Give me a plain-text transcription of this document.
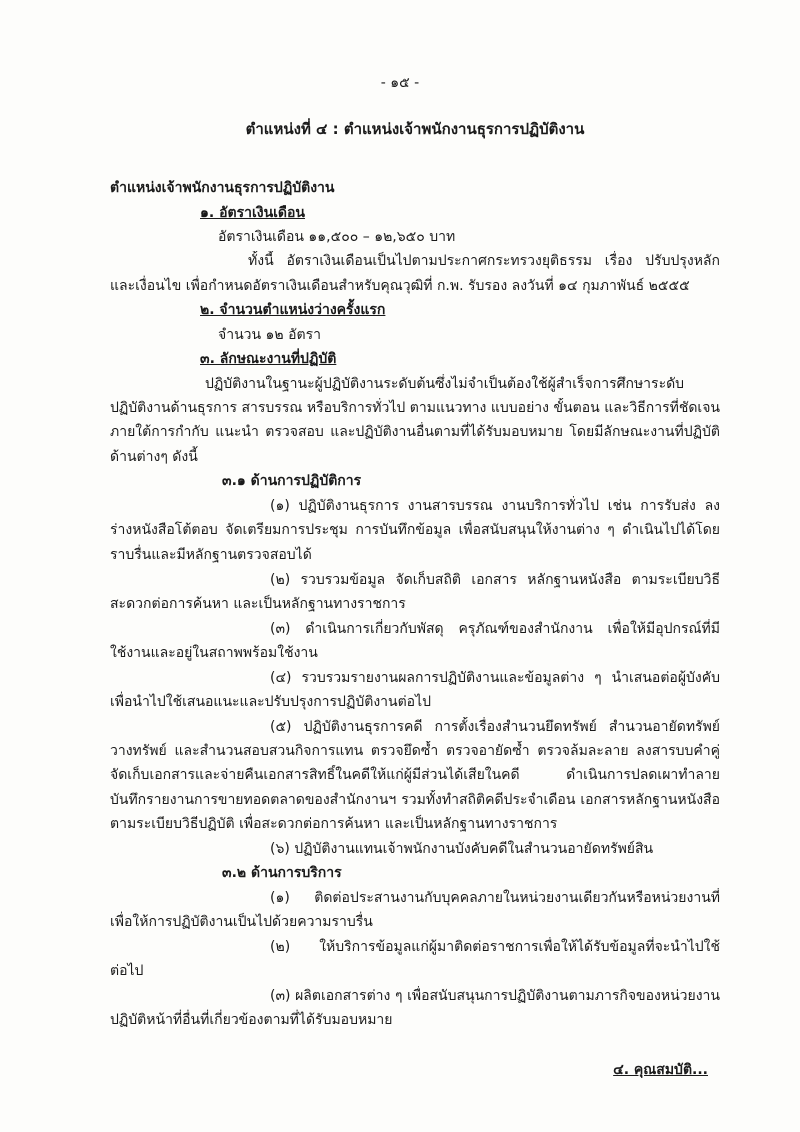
- ๑๕ -
ตำแหน่งที่ ๔ : ตำแหน่งเจ้าพนักงานธุรการปฏิบัติงาน
ตำแหน่งเจ้าพนักงานธุรการปฏิบัติงาน
๑. อัตราเงินเดือน
อัตราเงินเดือน ๑๑,๕๐๐ – ๑๒,๖๕๐ บาท
ทั้งนี้ อัตราเงินเดือนเป็นไปตามประกาศกระทรวงยุติธรรม เรื่อง ปรับปรุงหลัก
และเงื่อนไข เพื่อกำหนดอัตราเงินเดือนสำหรับคุณวุฒิที่ ก.พ. รับรอง ลงวันที่ ๑๔ กุมภาพันธ์ ๒๕๕๕
๒. จำนวนตำแหน่งว่างครั้งแรก
จำนวน ๑๒ อัตรา
๓. ลักษณะงานที่ปฏิบัติ
ปฏิบัติงานในฐานะผู้ปฏิบัติงานระดับต้นซึ่งไม่จำเป็นต้องใช้ผู้สำเร็จการศึกษาระดับ
ปฏิบัติงานด้านธุรการ สารบรรณ หรือบริการทั่วไป ตามแนวทาง แบบอย่าง ขั้นตอน และวิธีการที่ชัดเจน
ภายใต้การกำกับ แนะนำ ตรวจสอบ และปฏิบัติงานอื่นตามที่ได้รับมอบหมาย โดยมีลักษณะงานที่ปฏิบัติ
ด้านต่างๆ ดังนี้
๓.๑ ด้านการปฏิบัติการ
(๑) ปฏิบัติงานธุรการ งานสารบรรณ งานบริการทั่วไป เช่น การรับส่ง ลง
ร่างหนังสือโต้ตอบ จัดเตรียมการประชุม การบันทึกข้อมูล เพื่อสนับสนุนให้งานต่าง ๆ ดำเนินไปได้โดย
ราบรื่นและมีหลักฐานตรวจสอบได้
(๒) รวบรวมข้อมูล จัดเก็บสถิติ เอกสาร หลักฐานหนังสือ ตามระเบียบวิธี
สะดวกต่อการค้นหา และเป็นหลักฐานทางราชการ
(๓) ดำเนินการเกี่ยวกับพัสดุ ครุภัณฑ์ของสำนักงาน เพื่อให้มีอุปกรณ์ที่มี
ใช้งานและอยู่ในสถาพพร้อมใช้งาน
(๔) รวบรวมรายงานผลการปฏิบัติงานและข้อมูลต่าง ๆ นำเสนอต่อผู้บังคับ
เพื่อนำไปใช้เสนอแนะและปรับปรุงการปฏิบัติงานต่อไป
(๕) ปฏิบัติงานธุรการคดี การตั้งเรื่องสำนวนยึดทรัพย์ สำนวนอายัดทรัพย์
วางทรัพย์ และสำนวนสอบสวนกิจการแทน ตรวจยึดซ้ำ ตรวจอายัดซ้ำ ตรวจล้มละลาย ลงสารบบคำคู่
จัดเก็บเอกสารและจ่ายคืนเอกสารสิทธิ์ในคดีให้แก่ผู้มีส่วนได้เสียในคดี ดำเนินการปลดเผาทำลาย
บันทึกรายงานการขายทอดตลาดของสำนักงานฯ รวมทั้งทำสถิติคดีประจำเดือน เอกสารหลักฐานหนังสือ
ตามระเบียบวิธีปฏิบัติ เพื่อสะดวกต่อการค้นหา และเป็นหลักฐานทางราชการ
(๖) ปฏิบัติงานแทนเจ้าพนักงานบังคับคดีในสำนวนอายัดทรัพย์สิน
๓.๒ ด้านการบริการ
(๑) ติดต่อประสานงานกับบุคคลภายในหน่วยงานเดียวกันหรือหน่วยงานที่
เพื่อให้การปฏิบัติงานเป็นไปด้วยความราบรื่น
(๒) ให้บริการข้อมูลแก่ผู้มาติดต่อราชการเพื่อให้ได้รับข้อมูลที่จะนำไปใช้
ต่อไป
(๓) ผลิตเอกสารต่าง ๆ เพื่อสนับสนุนการปฏิบัติงานตามภารกิจของหน่วยงาน
ปฏิบัติหน้าที่อื่นที่เกี่ยวข้องตามที่ได้รับมอบหมาย
๔. คุณสมบัติ...
